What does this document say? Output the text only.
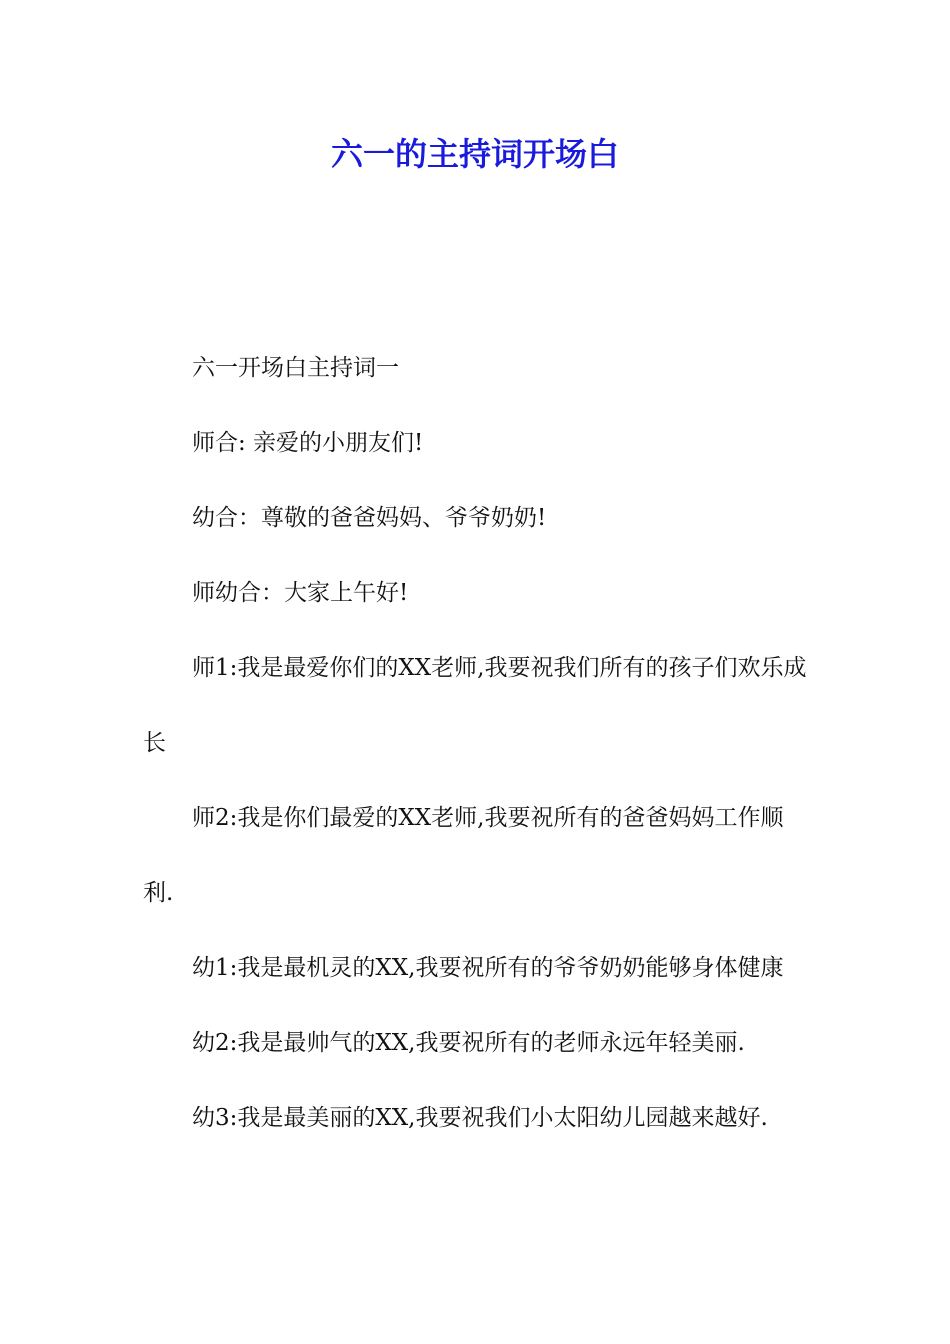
六一的主持词开场白

六一开场白主持词一

师合: 亲爱的小朋友们!

幼合：尊敬的爸爸妈妈、爷爷奶奶!

师幼合：大家上午好!

师1:我是最爱你们的XX老师,我要祝我们所有的孩子们欢乐成长

师2:我是你们最爱的XX老师,我要祝所有的爸爸妈妈工作顺利.

幼1:我是最机灵的XX,我要祝所有的爷爷奶奶能够身体健康

幼2:我是最帅气的XX,我要祝所有的老师永远年轻美丽.

幼3:我是最美丽的XX,我要祝我们小太阳幼儿园越来越好.
